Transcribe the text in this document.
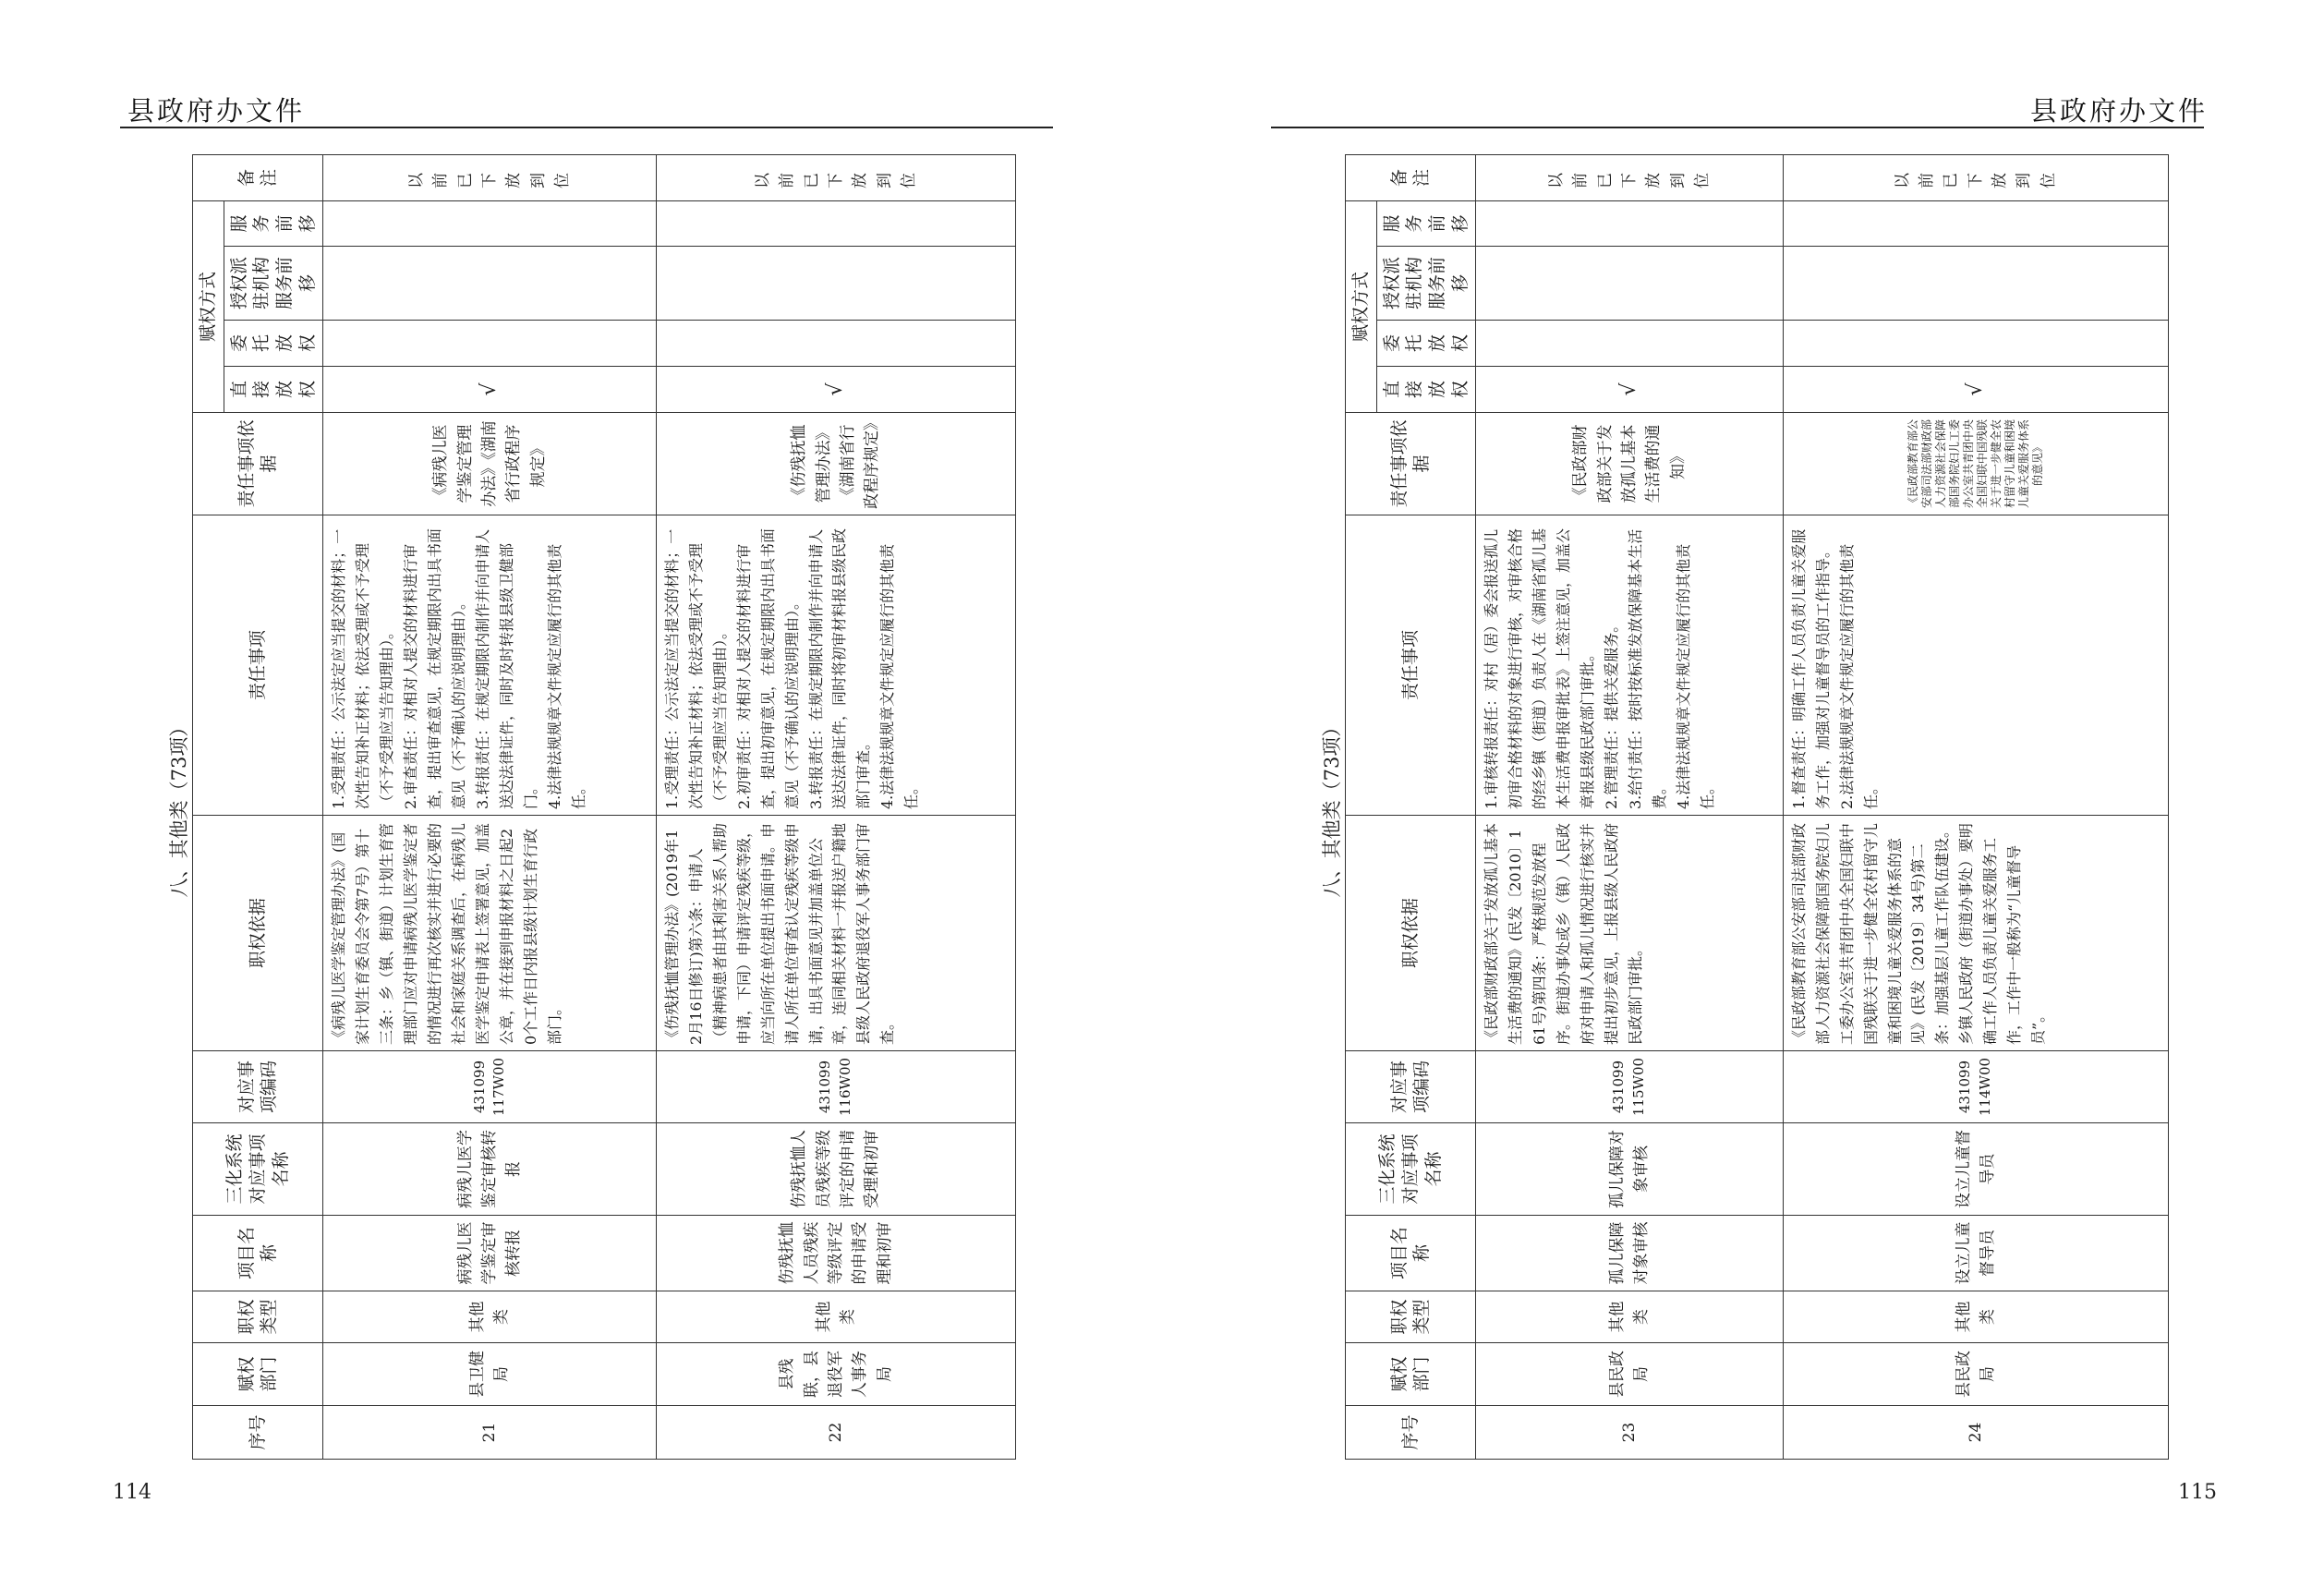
县政府办文件
八、其他类（73项）
序号	赋权部门	职权类型	项目名称	三化系统对应事项名称	对应事项编码	职权依据	责任事项	责任事项依据	赋权方式				备注
									直接放权	委托放权	授权派驻机构服务前移	服务前移	
21	县卫健局	其他类	病残儿医学鉴定审核转报	病残儿医学鉴定审核转报	431099117W00	《病残儿医学鉴定管理办法》(国家计划生育委员会令第7号）第十三条：乡（镇、街道）计划生育管理部门应对申请病残儿医学鉴定者的情况进行再次核实并进行必要的社会和家庭关系调查后，在病残儿医学鉴定申请表上签署意见，加盖公章，并在接到申报材料之日起20个工作日内报县级计划生育行政部门。	1.受理责任：公示法定应当提交的材料；一次性告知补正材料；依法受理或不予受理（不予受理应当告知理由）。
2.审查责任：对相对人提交的材料进行审查，提出审查意见，在规定期限内出具书面意见（不予确认的应说明理由）。
3.转报责任：在规定期限内制作并向申请人送达法律证件，同时及时转报县级卫健部门。
4.法律法规规章文件规定应履行的其他责任。	《病残儿医学鉴定管理办法》《湖南省行政程序规定》	√				以前已下放到位
22	县残联，县退役军人事务局	其他类	伤残抚恤人员残疾等级评定的申请受理和初审	伤残抚恤人员残疾等级评定的申请受理和初审	431099116W00	《伤残抚恤管理办法》(2019年12月16日修订)第六条：申请人（精神病患者由其利害关系人帮助申请，下同）申请评定残疾等级，应当向所在单位提出书面申请。申请人所在单位审查认定残疾等级申请，出具书面意见并加盖单位公章，连同相关材料一并报送户籍地县级人民政府退役军人事务部门审查。	1.受理责任：公示法定应当提交的材料；一次性告知补正材料；依法受理或不予受理（不予受理应当告知理由）。
2.初审责任：对相对人提交的材料进行审查，提出初审意见，在规定期限内出具书面意见（不予确认的应说明理由）。
3.转报责任：在规定期限内制作并向申请人送达法律证件，同时将初审材料报县级民政部门审查。
4.法律法规规章文件规定应履行的其他责任。	《伤残抚恤管理办法》《湖南省行政程序规定》	√				以前已下放到位
114
县政府办文件
八、其他类（73项）
序号	赋权部门	职权类型	项目名称	三化系统对应事项名称	对应事项编码	职权依据	责任事项	责任事项依据	赋权方式				备注
									直接放权	委托放权	授权派驻机构服务前移	服务前移	
23	县民政局	其他类	孤儿保障对象审核	孤儿保障对象审核	431099115W00	《民政部财政部关于发放孤儿基本生活费的通知》(民发〔2010〕161号)第四条：严格规范发放程序。街道办事处或乡（镇）人民政府对申请人和孤儿情况进行核实并提出初步意见，上报县级人民政府民政部门审批。	1.审核转报责任：对村（居）委会报送孤儿初审合格材料的对象进行审核，对审核合格的经乡镇（街道）负责人在《湖南省孤儿基本生活费申报审批表》上签注意见，加盖公章报县级民政部门审批。
2.管理责任：提供关爱服务。
3.给付责任：按时按标准发放保障基本生活费。
4.法律法规规章文件规定应履行的其他责任。	《民政部财政部关于发放孤儿基本生活费的通知》	√				以前已下放到位
24	县民政局	其他类	设立儿童督导员	设立儿童督导员	431099114W00	《民政部教育部公安部司法部财政部人力资源社会保障部国务院妇儿工委办公室共青团中央全国妇联中国残联关于进一步健全农村留守儿童和困境儿童关爱服务体系的意见》(民发〔2019〕34号)第二条：加强基层儿童工作队伍建设。乡镇人民政府（街道办事处）要明确工作人员负责儿童关爱服务工作，工作中一般称为“儿童督导员”。	1.督查责任：明确工作人员负责儿童关爱服务工作，加强对儿童督导员的工作指导。
2.法律法规规章文件规定应履行的其他责任。	《民政部教育部公安部司法部财政部人力资源社会保障部国务院妇儿工委办公室共青团中央全国妇联中国残联关于进一步健全农村留守儿童和困境儿童关爱服务体系的意见》	√				以前已下放到位
115
